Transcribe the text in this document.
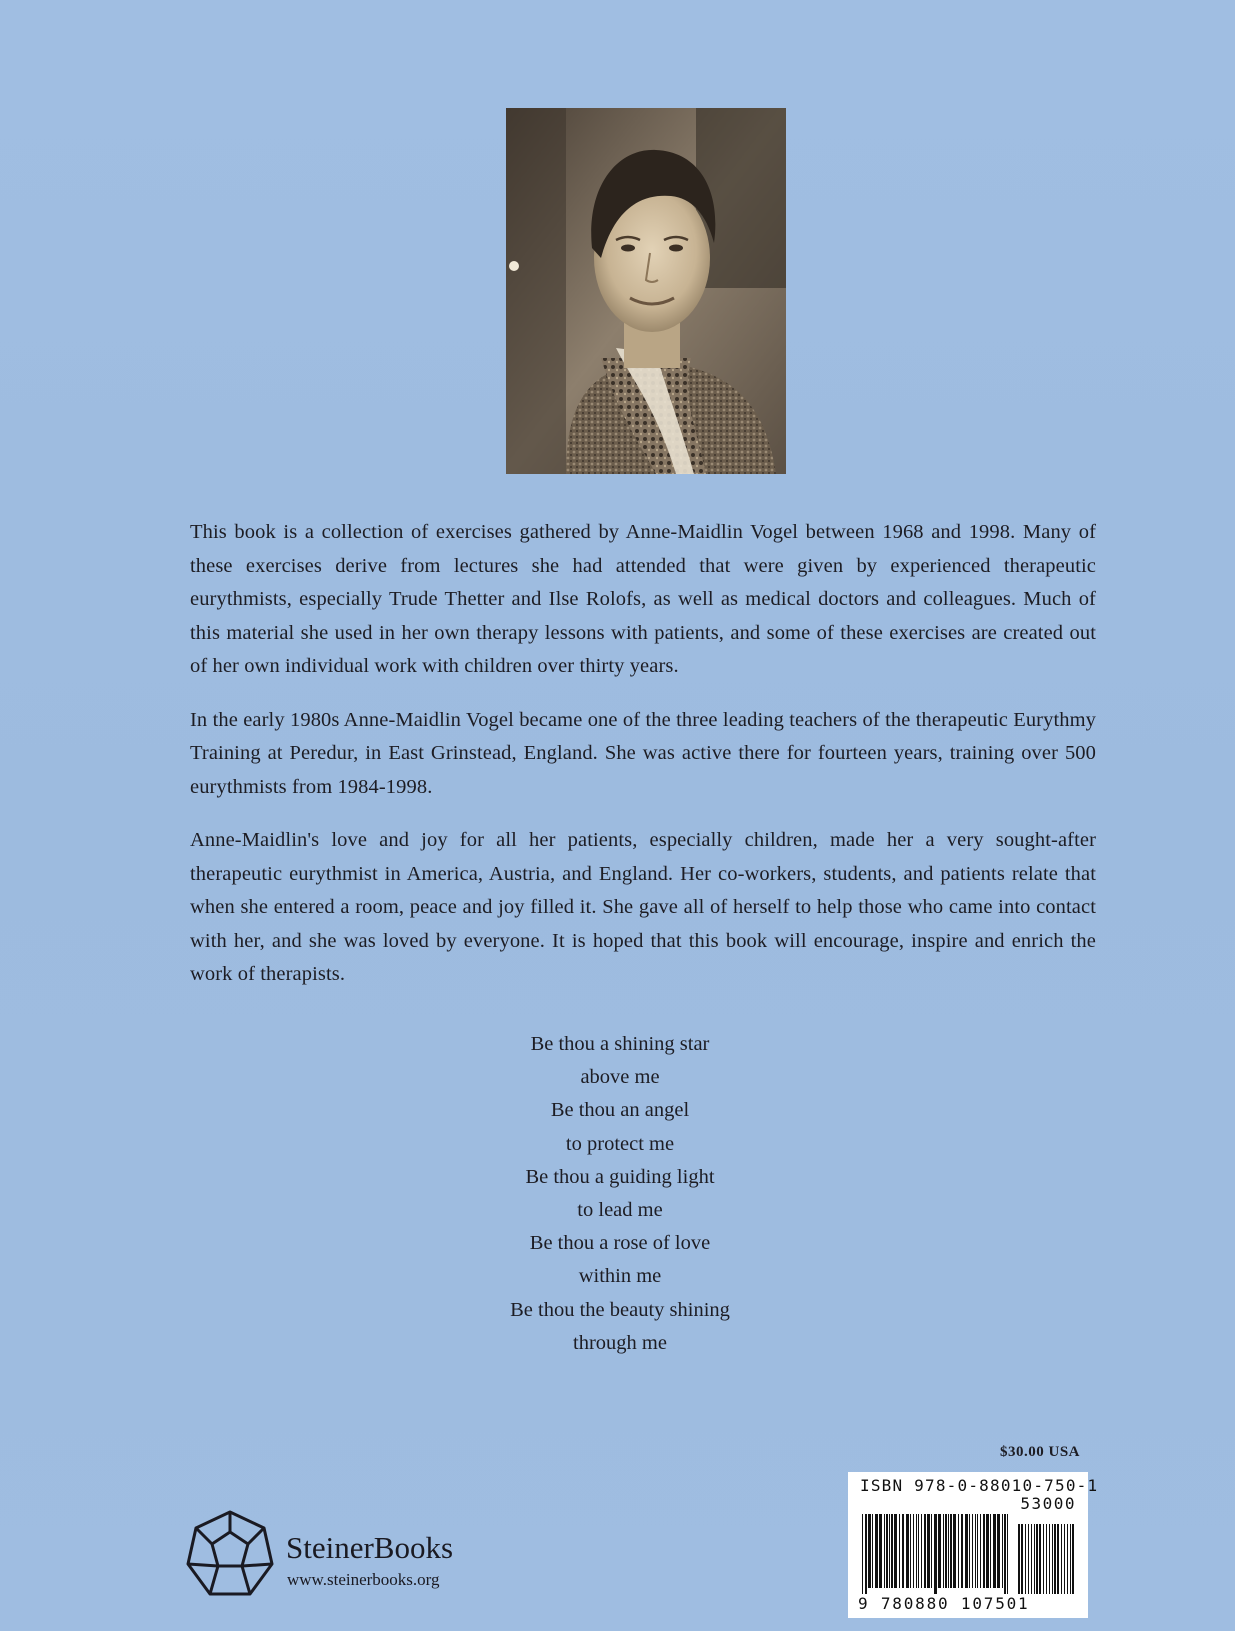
This book is a collection of exercises gathered by Anne-Maidlin Vogel between 1968 and 1998. Many of these exercises derive from lectures she had attended that were given by experienced therapeutic eurythmists, especially Trude Thetter and Ilse Rolofs, as well as medical doctors and colleagues. Much of this material she used in her own therapy lessons with patients, and some of these exercises are created out of her own individual work with children over thirty years.

In the early 1980s Anne-Maidlin Vogel became one of the three leading teachers of the therapeutic Eurythmy Training at Peredur, in East Grinstead, England. She was active there for fourteen years, training over 500 eurythmists from 1984-1998.

Anne-Maidlin's love and joy for all her patients, especially children, made her a very sought-after therapeutic eurythmist in America, Austria, and England. Her co-workers, students, and patients relate that when she entered a room, peace and joy filled it. She gave all of herself to help those who came into contact with her, and she was loved by everyone. It is hoped that this book will encourage, inspire and enrich the work of therapists.

Be thou a shining star
above me
Be thou an angel
to protect me
Be thou a guiding light
to lead me
Be thou a rose of love
within me
Be thou the beauty shining
through me
$30.00 USA
ISBN 978-0-88010-750-1
53000
9 780880 107501
SteinerBooks
www.steinerbooks.org
